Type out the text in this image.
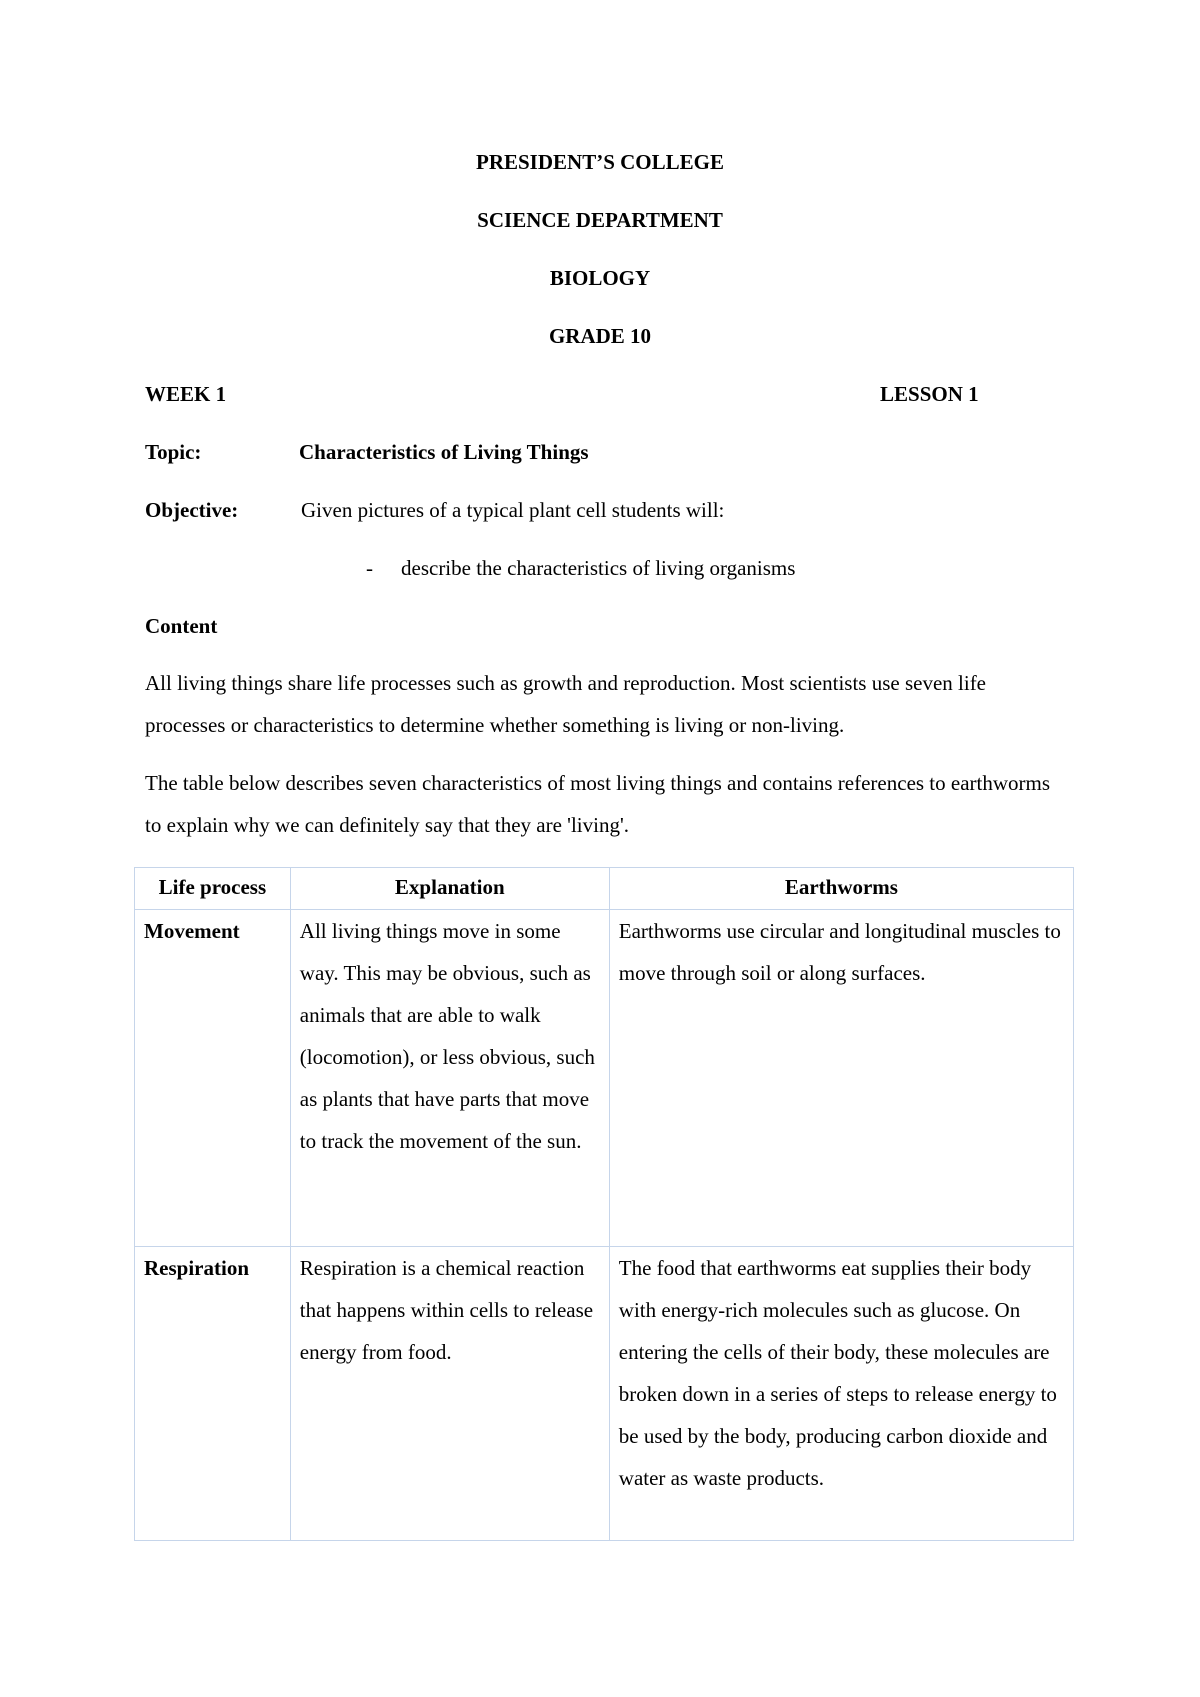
PRESIDENT’S COLLEGE
SCIENCE DEPARTMENT
BIOLOGY
GRADE 10
WEEK 1	LESSON 1
Topic:	Characteristics of Living Things
Objective:	Given pictures of a typical plant cell students will:
- describe the characteristics of living organisms
Content
All living things share life processes such as growth and reproduction. Most scientists use seven life processes or characteristics to determine whether something is living or non-living.
The table below describes seven characteristics of most living things and contains references to earthworms to explain why we can definitely say that they are 'living'.
Life process	Explanation	Earthworms
Movement	All living things move in some way. This may be obvious, such as animals that are able to walk (locomotion), or less obvious, such as plants that have parts that move to track the movement of the sun.	Earthworms use circular and longitudinal muscles to move through soil or along surfaces.
Respiration	Respiration is a chemical reaction that happens within cells to release energy from food.	The food that earthworms eat supplies their body with energy-rich molecules such as glucose. On entering the cells of their body, these molecules are broken down in a series of steps to release energy to be used by the body, producing carbon dioxide and water as waste products.
